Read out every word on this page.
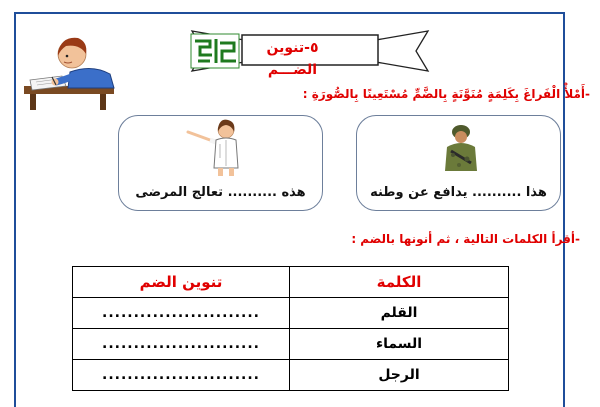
٥-تنوين الضـــم
-أَمْلأْ الْفَراغَ بِكَلِمَةٍ مُنَوَّنَةٍ بِالضَّمِّ مُسْتَعِينًا بِالصُّورَةِ :
هذا .......... يدافع عن وطنه
هذه .......... تعالج المرضى
-أقرأ الكلمات التالية ، ثم أنونها بالضم :
الكلمة	تنوين الضم
القلم	.........................
السماء	.........................
الرجل	.........................
